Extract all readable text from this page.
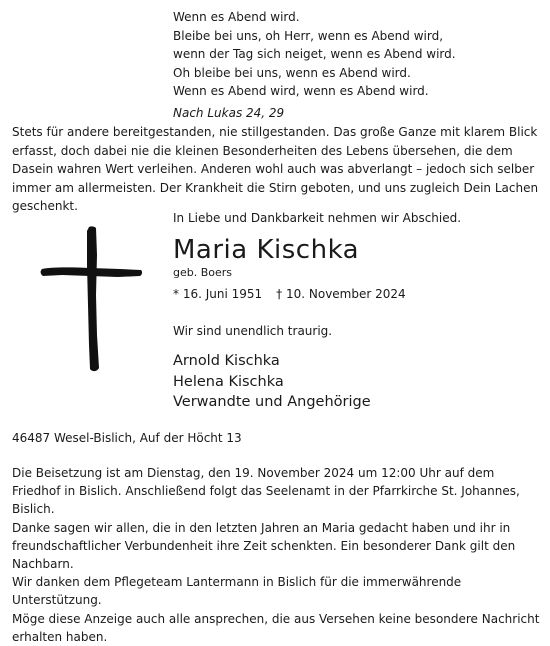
Wenn es Abend wird.
Bleibe bei uns, oh Herr, wenn es Abend wird,
wenn der Tag sich neiget, wenn es Abend wird.
Oh bleibe bei uns, wenn es Abend wird.
Wenn es Abend wird, wenn es Abend wird.
Nach Lukas 24, 29
Stets für andere bereitgestanden, nie stillgestanden. Das große Ganze mit klarem Blick erfasst, doch dabei nie die kleinen Besonderheiten des Lebens übersehen, die dem Dasein wahren Wert verleihen. Anderen wohl auch was abverlangt – jedoch sich selber immer am allermeisten. Der Krankheit die Stirn geboten, und uns zugleich Dein Lachen geschenkt.
In Liebe und Dankbarkeit nehmen wir Abschied.
Maria Kischka
geb. Boers
* 16. Juni 1951 † 10. November 2024
Wir sind unendlich traurig.
Arnold Kischka
Helena Kischka
Verwandte und Angehörige
46487 Wesel-Bislich, Auf der Höcht 13

Die Beisetzung ist am Dienstag, den 19. November 2024 um 12:00 Uhr auf dem Friedhof in Bislich. Anschließend folgt das Seelenamt in der Pfarrkirche St. Johannes, Bislich.

Danke sagen wir allen, die in den letzten Jahren an Maria gedacht haben und ihr in freundschaftlicher Verbundenheit ihre Zeit schenkten. Ein besonderer Dank gilt den Nachbarn.

Wir danken dem Pflegeteam Lantermann in Bislich für die immerwährende Unterstützung.

Möge diese Anzeige auch alle ansprechen, die aus Versehen keine besondere Nachricht erhalten haben.
